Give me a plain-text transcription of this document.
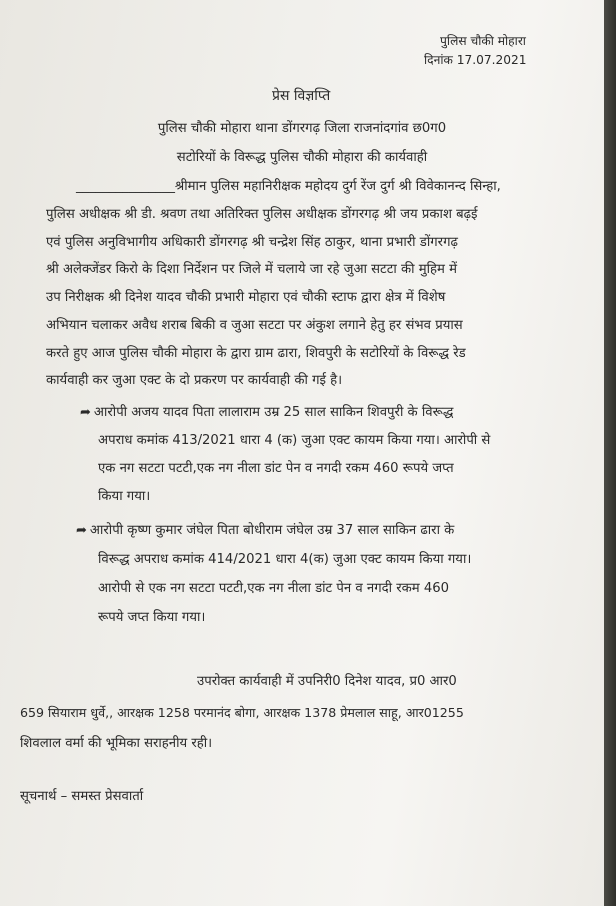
पुलिस चौकी मोहारा
दिनांक 17.07.2021
प्रेस विज्ञप्ति
पुलिस चौकी मोहारा थाना डोंगरगढ़ जिला राजनांदगांव छ0ग0
सटोरियों के विरूद्ध पुलिस चौकी मोहारा की कार्यवाही
_______________श्रीमान पुलिस महानिरीक्षक महोदय दुर्ग रेंज दुर्ग श्री विवेकानन्द सिन्हा,
पुलिस अधीक्षक श्री डी. श्रवण तथा अतिरिक्त पुलिस अधीक्षक डोंगरगढ़ श्री जय प्रकाश बढ़ई
एवं पुलिस अनुविभागीय अधिकारी डोंगरगढ़ श्री चन्द्रेश सिंह ठाकुर, थाना प्रभारी डोंगरगढ़
श्री अलेक्जेंडर किरो के दिशा निर्देशन पर जिले में चलाये जा रहे जुआ सटटा की मुहिम में
उप निरीक्षक श्री दिनेश यादव चौकी प्रभारी मोहारा एवं चौकी स्टाफ द्वारा क्षेत्र में विशेष
अभियान चलाकर अवैध शराब बिकी व जुआ सटटा पर अंकुश लगाने हेतु हर संभव प्रयास
करते हुए आज पुलिस चौकी मोहारा के द्वारा ग्राम ढारा, शिवपुरी के सटोरियों के विरूद्ध रेड
कार्यवाही कर जुआ एक्ट के दो प्रकरण पर कार्यवाही की गई है।
➦ आरोपी अजय यादव पिता लालाराम उम्र 25 साल साकिन शिवपुरी के विरूद्ध
अपराध कमांक 413/2021 धारा 4 (क) जुआ एक्ट कायम किया गया। आरोपी से
एक नग सटटा पटटी,एक नग नीला डांट पेन व नगदी रकम 460 रूपये जप्त
किया गया।
➦ आरोपी कृष्ण कुमार जंघेल पिता बोधीराम जंघेल उम्र 37 साल साकिन ढारा के
विरूद्ध अपराध कमांक 414/2021 धारा 4(क) जुआ एक्ट कायम किया गया।
आरोपी से एक नग सटटा पटटी,एक नग नीला डांट पेन व नगदी रकम 460
रूपये जप्त किया गया।
उपरोक्त कार्यवाही में उपनिरी0 दिनेश यादव, प्र0 आर0
659 सियाराम धुर्वे,, आरक्षक 1258 परमानंद बोगा, आरक्षक 1378 प्रेमलाल साहू, आर01255
शिवलाल वर्मा की भूमिका सराहनीय रही।
सूचनार्थ – समस्त प्रेसवार्ता
